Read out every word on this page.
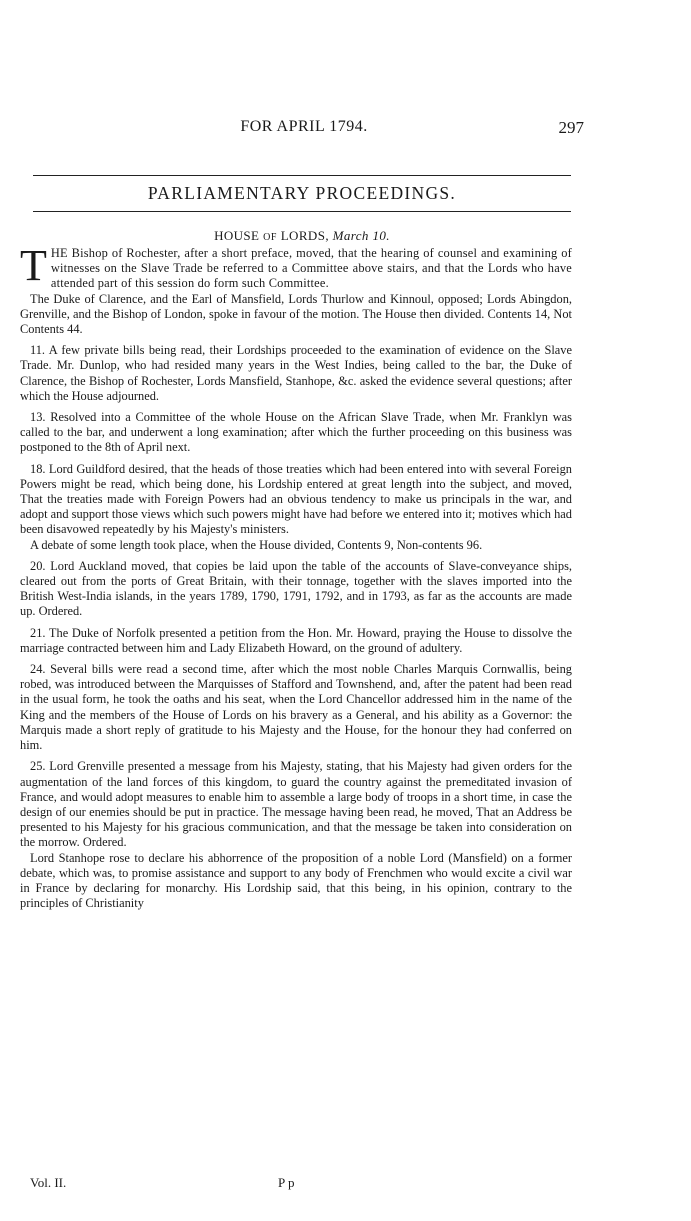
FOR APRIL 1794.	297
PARLIAMENTARY PROCEEDINGS.
HOUSE OF LORDS, March 10.

THE Bishop of Rochester, after a short preface, moved, that the hearing of counsel and examining of witnesses on the Slave Trade be referred to a Committee above stairs, and that the Lords who have attended part of this session do form such Committee.

The Duke of Clarence, and the Earl of Mansfield, Lords Thurlow and Kinnoul, opposed; Lords Abingdon, Grenville, and the Bishop of London, spoke in favour of the motion. The House then divided. Contents 14, Not Contents 44.

11. A few private bills being read, their Lordships proceeded to the examination of evidence on the Slave Trade. Mr. Dunlop, who had resided many years in the West Indies, being called to the bar, the Duke of Clarence, the Bishop of Rochester, Lords Mansfield, Stanhope, &c. asked the evidence several questions; after which the House adjourned.

13. Resolved into a Committee of the whole House on the African Slave Trade, when Mr. Franklyn was called to the bar, and underwent a long examination; after which the further proceeding on this business was postponed to the 8th of April next.

18. Lord Guildford desired, that the heads of those treaties which had been entered into with several Foreign Powers might be read, which being done, his Lordship entered at great length into the subject, and moved, That the treaties made with Foreign Powers had an obvious tendency to make us principals in the war, and adopt and support those views which such powers might have had before we entered into it; motives which had been disavowed repeatedly by his Majesty's ministers.

A debate of some length took place, when the House divided, Contents 9, Non-contents 96.

20. Lord Auckland moved, that copies be laid upon the table of the accounts of Slave-conveyance ships, cleared out from the ports of Great Britain, with their tonnage, together with the slaves imported into the British West-India islands, in the years 1789, 1790, 1791, 1792, and in 1793, as far as the accounts are made up. Ordered.

21. The Duke of Norfolk presented a petition from the Hon. Mr. Howard, praying the House to dissolve the marriage contracted between him and Lady Elizabeth Howard, on the ground of adultery.

24. Several bills were read a second time, after which the most noble Charles Marquis Cornwallis, being robed, was introduced between the Marquisses of Stafford and Townshend, and, after the patent had been read in the usual form, he took the oaths and his seat, when the Lord Chancellor addressed him in the name of the King and the members of the House of Lords on his bravery as a General, and his ability as a Governor: the Marquis made a short reply of gratitude to his Majesty and the House, for the honour they had conferred on him.

25. Lord Grenville presented a message from his Majesty, stating, that his Majesty had given orders for the augmentation of the land forces of this kingdom, to guard the country against the premeditated invasion of France, and would adopt measures to enable him to assemble a large body of troops in a short time, in case the design of our enemies should be put in practice. The message having been read, he moved, That an Address be presented to his Majesty for his gracious communication, and that the message be taken into consideration on the morrow. Ordered.

Lord Stanhope rose to declare his abhorrence of the proposition of a noble Lord (Mansfield) on a former debate, which was, to promise assistance and support to any body of Frenchmen who would excite a civil war in France by declaring for monarchy. His Lordship said, that this being, in his opinion, contrary to the principles of Christianity

Vol. II.	P p
